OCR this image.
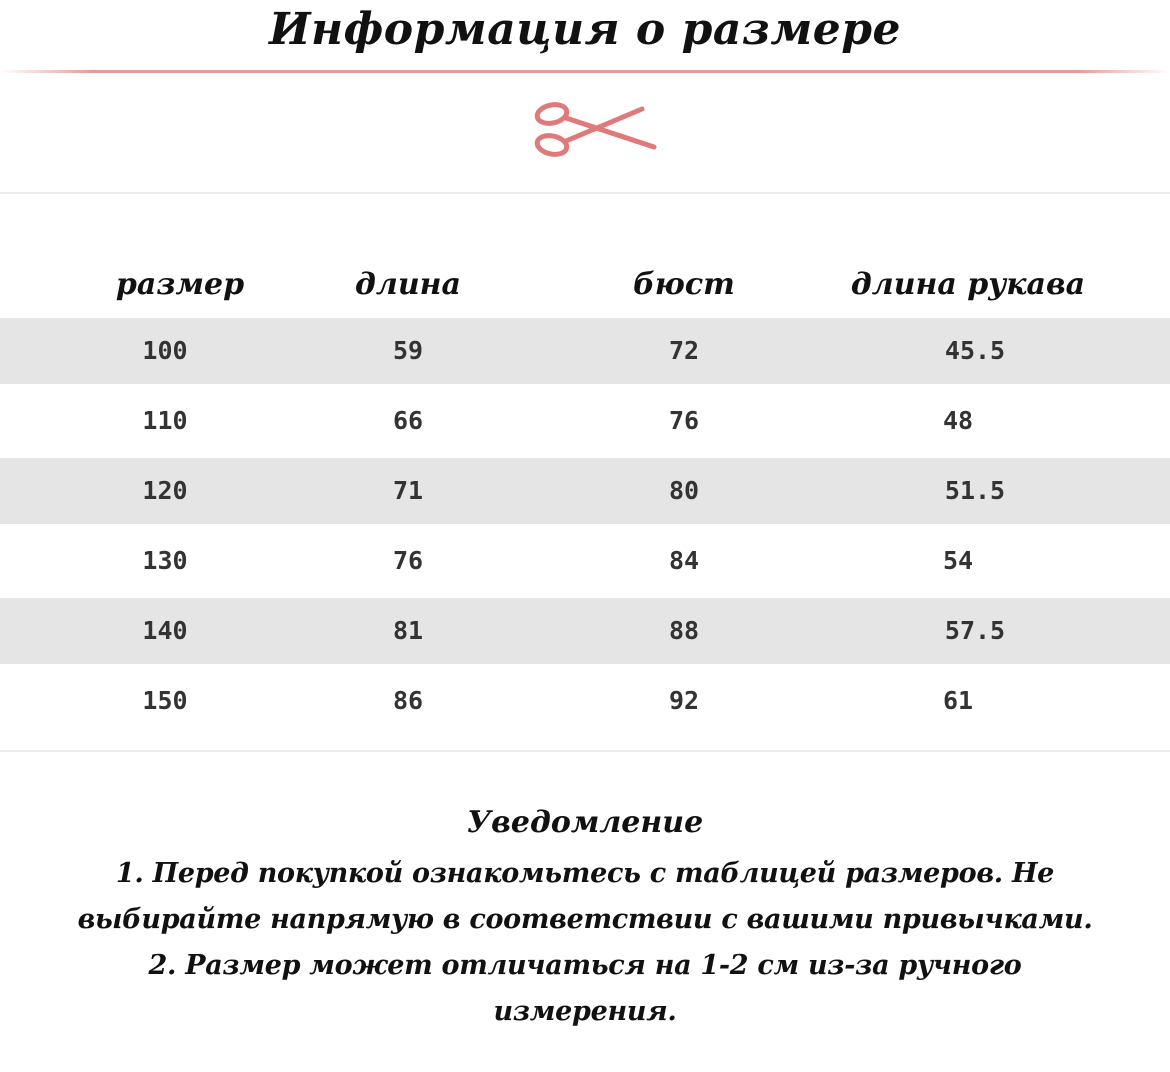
Информация о размере
размер	длина	бюст	длина рукава
100	59	72	45.5
110	66	76	48
120	71	80	51.5
130	76	84	54
140	81	88	57.5
150	86	92	61
Уведомление
1. Перед покупкой ознакомьтесь с таблицей размеров. Не
выбирайте напрямую в соответствии с вашими привычками.
2. Размер может отличаться на 1-2 см из-за ручного
измерения.
